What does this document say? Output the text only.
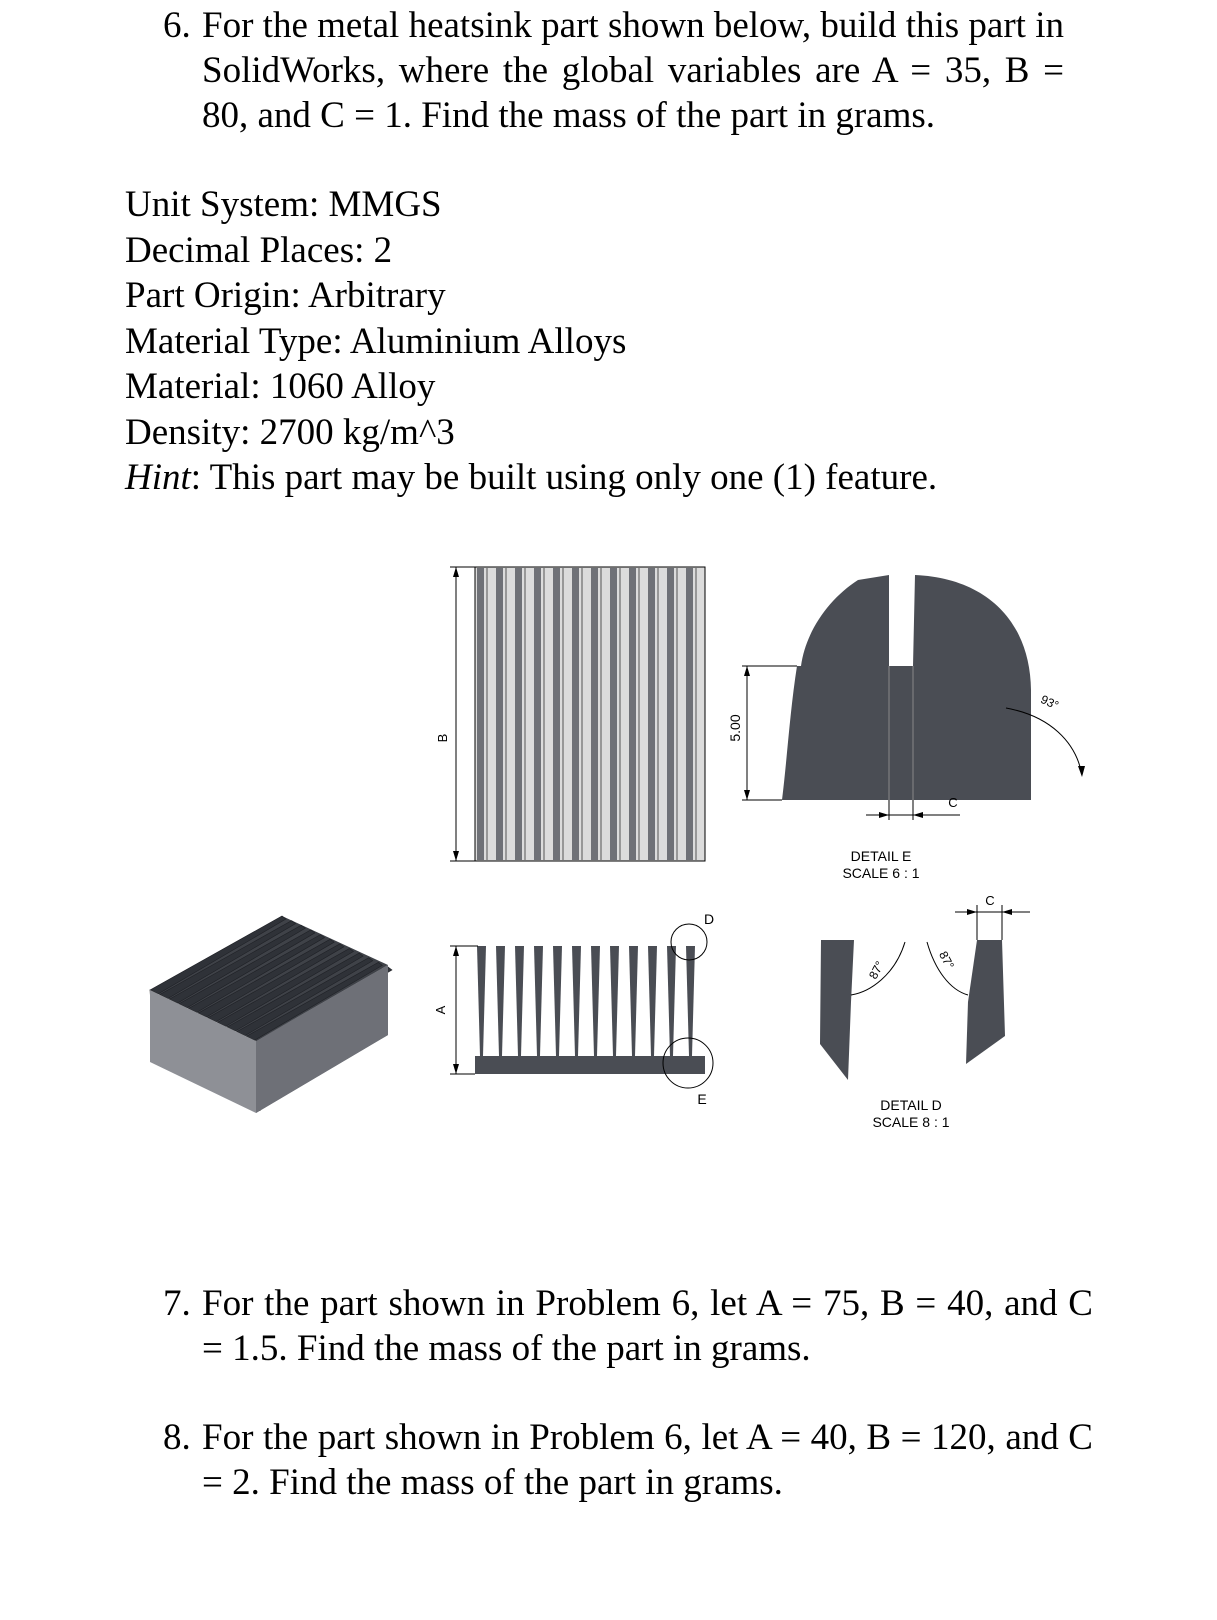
6. For the metal heatsink part shown below, build this part in SolidWorks, where the global variables are A = 35, B = 80, and C = 1. Find the mass of the part in grams.

Unit System: MMGS
Decimal Places: 2
Part Origin: Arbitrary
Material Type: Aluminium Alloys
Material: 1060 Alloy
Density: 2700 kg/m^3
Hint: This part may be built using only one (1) feature.
B	5.00
C
93°
DETAIL E
SCALE 6 : 1
A
D
E
87°	87°
C
DETAIL D
SCALE 8 : 1
7. For the part shown in Problem 6, let A = 75, B = 40, and C = 1.5. Find the mass of the part in grams.

8. For the part shown in Problem 6, let A = 40, B = 120, and C = 2. Find the mass of the part in grams.
